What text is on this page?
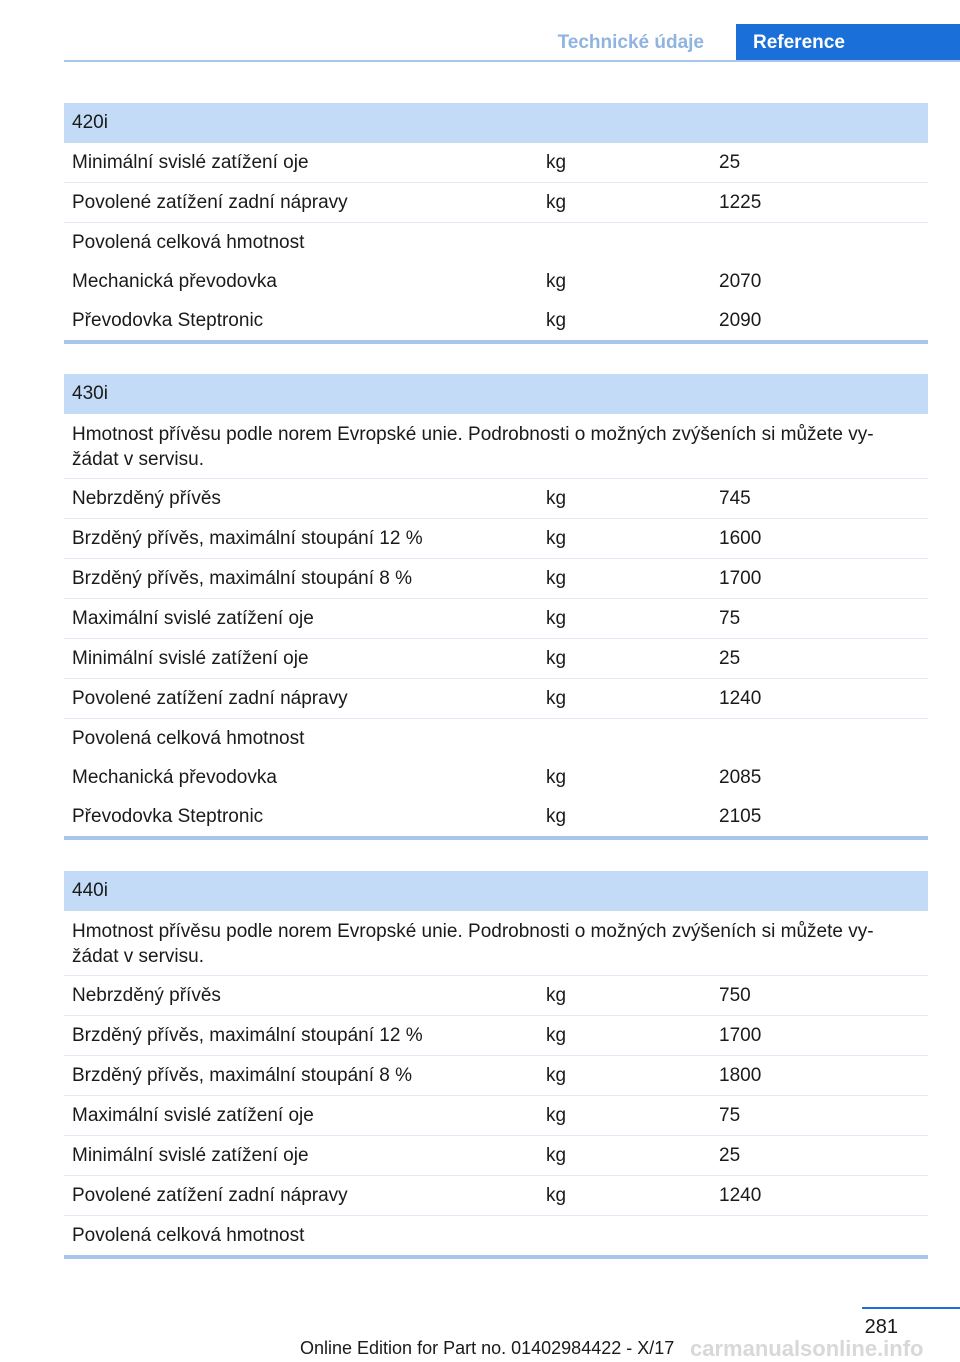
Technické údaje	Reference
420i
Minimální svislé zatížení oje	kg	25
Povolené zatížení zadní nápravy	kg	1225
Povolená celková hmotnost
Mechanická převodovka	kg	2070
Převodovka Steptronic	kg	2090
430i
Hmotnost přívěsu podle norem Evropské unie. Podrobnosti o možných zvýšeních si můžete vyžádat v servisu.
Nebrzděný přívěs	kg	745
Brzděný přívěs, maximální stoupání 12 %	kg	1600
Brzděný přívěs, maximální stoupání 8 %	kg	1700
Maximální svislé zatížení oje	kg	75
Minimální svislé zatížení oje	kg	25
Povolené zatížení zadní nápravy	kg	1240
Povolená celková hmotnost
Mechanická převodovka	kg	2085
Převodovka Steptronic	kg	2105
440i
Hmotnost přívěsu podle norem Evropské unie. Podrobnosti o možných zvýšeních si můžete vyžádat v servisu.
Nebrzděný přívěs	kg	750
Brzděný přívěs, maximální stoupání 12 %	kg	1700
Brzděný přívěs, maximální stoupání 8 %	kg	1800
Maximální svislé zatížení oje	kg	75
Minimální svislé zatížení oje	kg	25
Povolené zatížení zadní nápravy	kg	1240
Povolená celková hmotnost
281
carmanualsonline.info
Online Edition for Part no. 01402984422 - X/17
